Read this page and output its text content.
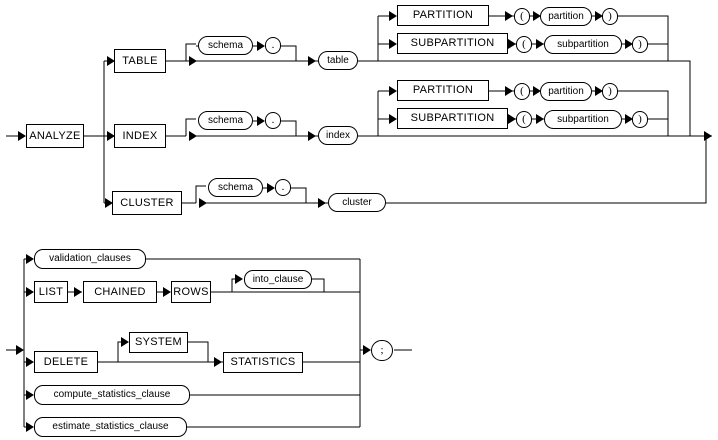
ANALYZE
TABLE
INDEX
CLUSTER
schema	.
schema	.
schema	.
table
index
cluster
PARTITION
SUBPARTITION
(
(
partition
subpartition
)
)
PARTITION
SUBPARTITION
(
(
partition
subpartition
)
)
validation_clauses
LIST	CHAINED ROWS
into_clause
DELETE
SYSTEM
STATISTICS
compute_statistics_clause
estimate_statistics_clause
;
